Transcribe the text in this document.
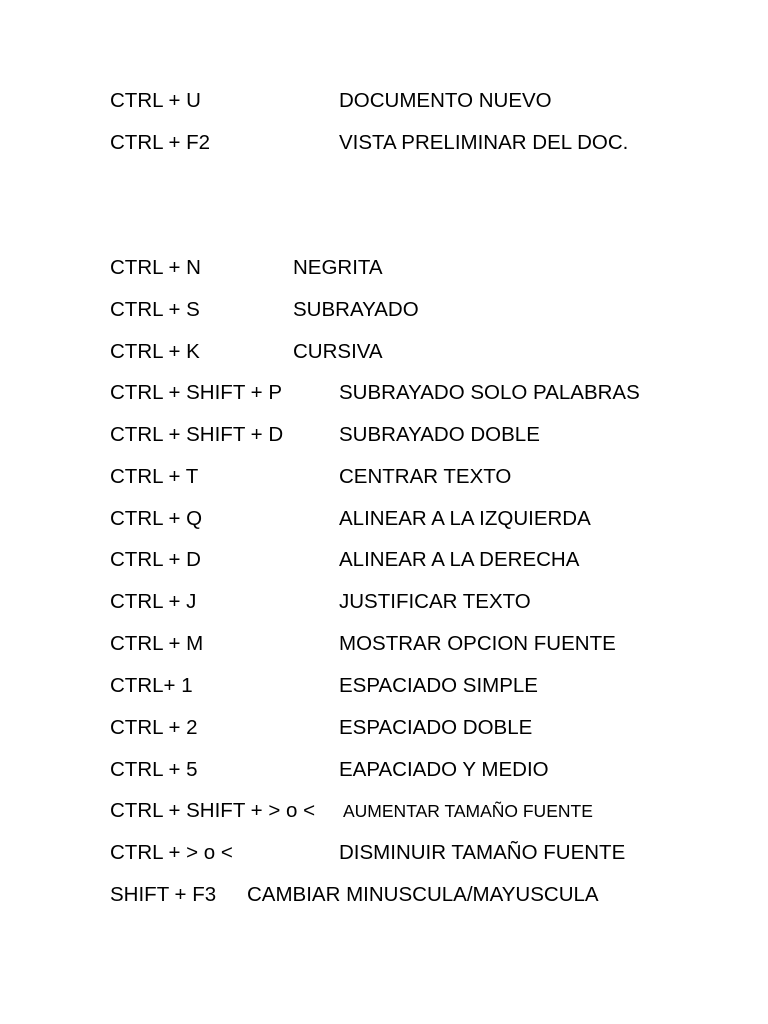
CTRL + U	DOCUMENTO NUEVO
CTRL + F2	VISTA PRELIMINAR DEL DOC.
CTRL + N	NEGRITA
CTRL + S	SUBRAYADO
CTRL + K	CURSIVA
CTRL + SHIFT + P	SUBRAYADO SOLO PALABRAS
CTRL + SHIFT + D	SUBRAYADO DOBLE
CTRL + T	CENTRAR TEXTO
CTRL + Q	ALINEAR A LA IZQUIERDA
CTRL + D	ALINEAR A LA DERECHA
CTRL + J	JUSTIFICAR TEXTO
CTRL + M	MOSTRAR OPCION FUENTE
CTRL+ 1	ESPACIADO SIMPLE
CTRL + 2	ESPACIADO DOBLE
CTRL + 5	EAPACIADO Y MEDIO
CTRL + SHIFT + > o < AUMENTAR TAMAÑO FUENTE
CTRL + > o <	DISMINUIR TAMAÑO FUENTE
SHIFT + F3 CAMBIAR MINUSCULA/MAYUSCULA
